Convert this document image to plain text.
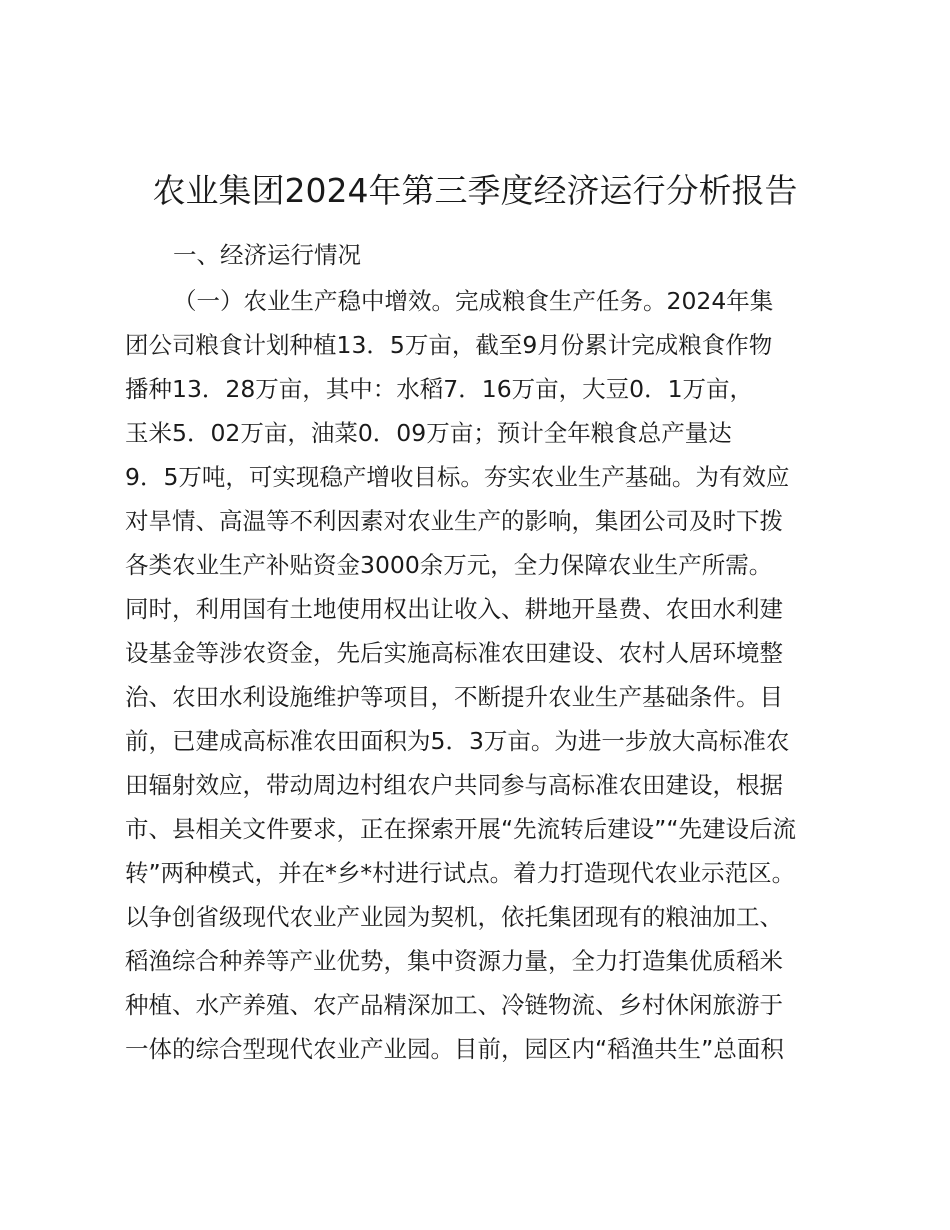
农业集团2024年第三季度经济运行分析报告
一、经济运行情况
（一）农业生产稳中增效。完成粮食生产任务。2024年集
团公司粮食计划种植13．5万亩，截至9月份累计完成粮食作物
播种13．28万亩，其中：水稻7．16万亩，大豆0．1万亩，
玉米5．02万亩，油菜0．09万亩；预计全年粮食总产量达
9．5万吨，可实现稳产增收目标。夯实农业生产基础。为有效应
对旱情、高温等不利因素对农业生产的影响，集团公司及时下拨
各类农业生产补贴资金3000余万元，全力保障农业生产所需。
同时，利用国有土地使用权出让收入、耕地开垦费、农田水利建
设基金等涉农资金，先后实施高标准农田建设、农村人居环境整
治、农田水利设施维护等项目，不断提升农业生产基础条件。目
前，已建成高标准农田面积为5．3万亩。为进一步放大高标准农
田辐射效应，带动周边村组农户共同参与高标准农田建设，根据
市、县相关文件要求，正在探索开展“先流转后建设”“先建设后流
转”两种模式，并在*乡*村进行试点。着力打造现代农业示范区。
以争创省级现代农业产业园为契机，依托集团现有的粮油加工、
稻渔综合种养等产业优势，集中资源力量，全力打造集优质稻米
种植、水产养殖、农产品精深加工、冷链物流、乡村休闲旅游于
一体的综合型现代农业产业园。目前，园区内“稻渔共生”总面积
